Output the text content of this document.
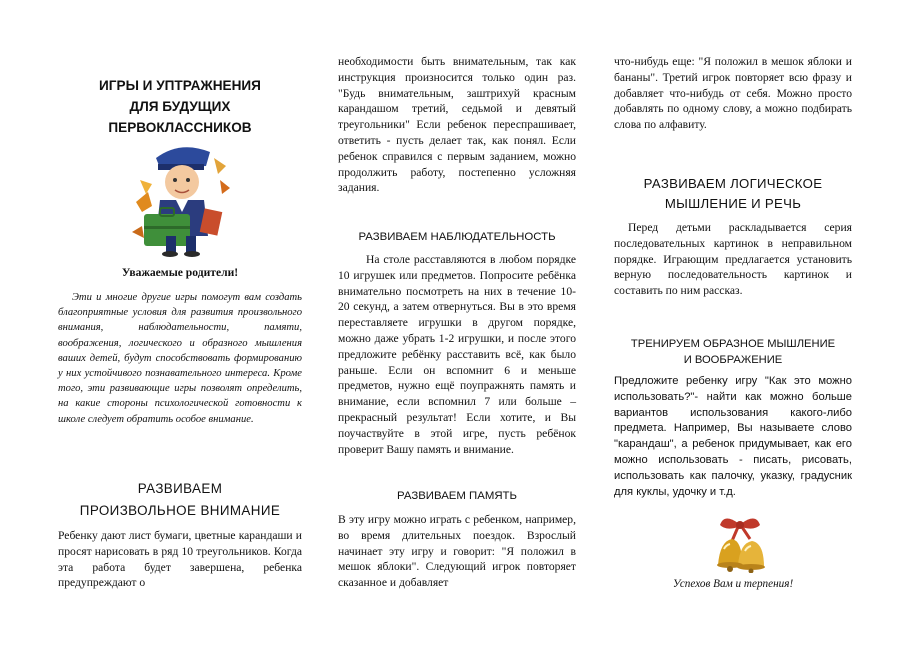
ИГРЫ И УПТРАЖНЕНИЯ
ДЛЯ БУДУЩИХ
ПЕРВОКЛАССНИКОВ
Уважаемые родители!

Эти и многие другие игры помогут вам создать благоприятные условия для развития произвольного внимания, наблюдательности, памяти, воображения, логического и образного мышления ваших детей, будут способствовать формированию у них устойчивого познавательного интереса. Кроме того, эти развивающие игры позволят определить, на какие стороны психологической готовности к школе следует обратить особое внимание.

РАЗВИВАЕМ
ПРОИЗВОЛЬНОЕ ВНИМАНИЕ

Ребенку дают лист бумаги, цветные карандаши и просят нарисовать в ряд 10 треугольников. Когда эта работа будет завершена, ребенка предупреждают о

необходимости быть внимательным, так как инструкция произносится только один раз. "Будь внимательным, заштрихуй красным карандашом третий, седьмой и девятый треугольники" Если ребенок переспрашивает, ответить - пусть делает так, как понял. Если ребенок справился с первым заданием, можно продолжить работу, постепенно усложняя задания.

РАЗВИВАЕМ НАБЛЮДАТЕЛЬНОСТЬ

На столе расставляются в любом порядке 10 игрушек или предметов. Попросите ребёнка внимательно посмотреть на них в течение 10-20 секунд, а затем отвернуться. Вы в это время переставляете игрушки в другом порядке, можно даже убрать 1-2 игрушки, и после этого предложите ребёнку расставить всё, как было раньше. Если он вспомнит 6 и меньше предметов, нужно ещё поупражнять память и внимание, если вспомнил 7 или больше – прекрасный результат! Если хотите, и Вы поучаствуйте в этой игре, пусть ребёнок проверит Вашу память и внимание.

РАЗВИВАЕМ ПАМЯТЬ

В эту игру можно играть с ребенком, например, во время длительных поездок. Взрослый начинает эту игру и говорит: "Я положил в мешок яблоки". Следующий игрок повторяет сказанное и добавляет

что-нибудь еще: "Я положил в мешок яблоки и бананы". Третий игрок повторяет всю фразу и добавляет что-нибудь от себя. Можно просто добавлять по одному слову, а можно подбирать слова по алфавиту.

РАЗВИВАЕМ ЛОГИЧЕСКОЕ
МЫШЛЕНИЕ И РЕЧЬ

Перед детьми раскладывается серия последовательных картинок в неправильном порядке. Играющим предлагается установить верную последовательность картинок и составить по ним рассказ.

ТРЕНИРУЕМ ОБРАЗНОЕ МЫШЛЕНИЕ
И ВООБРАЖЕНИЕ

Предложите ребенку игру "Как это можно использовать?"- найти как можно больше вариантов использования какого-либо предмета. Например, Вы называете слово "карандаш", а ребенок придумывает, как его можно использовать - писать, рисовать, использовать как палочку, указку, градусник для куклы, удочку и т.д.

Успехов Вам и терпения!
